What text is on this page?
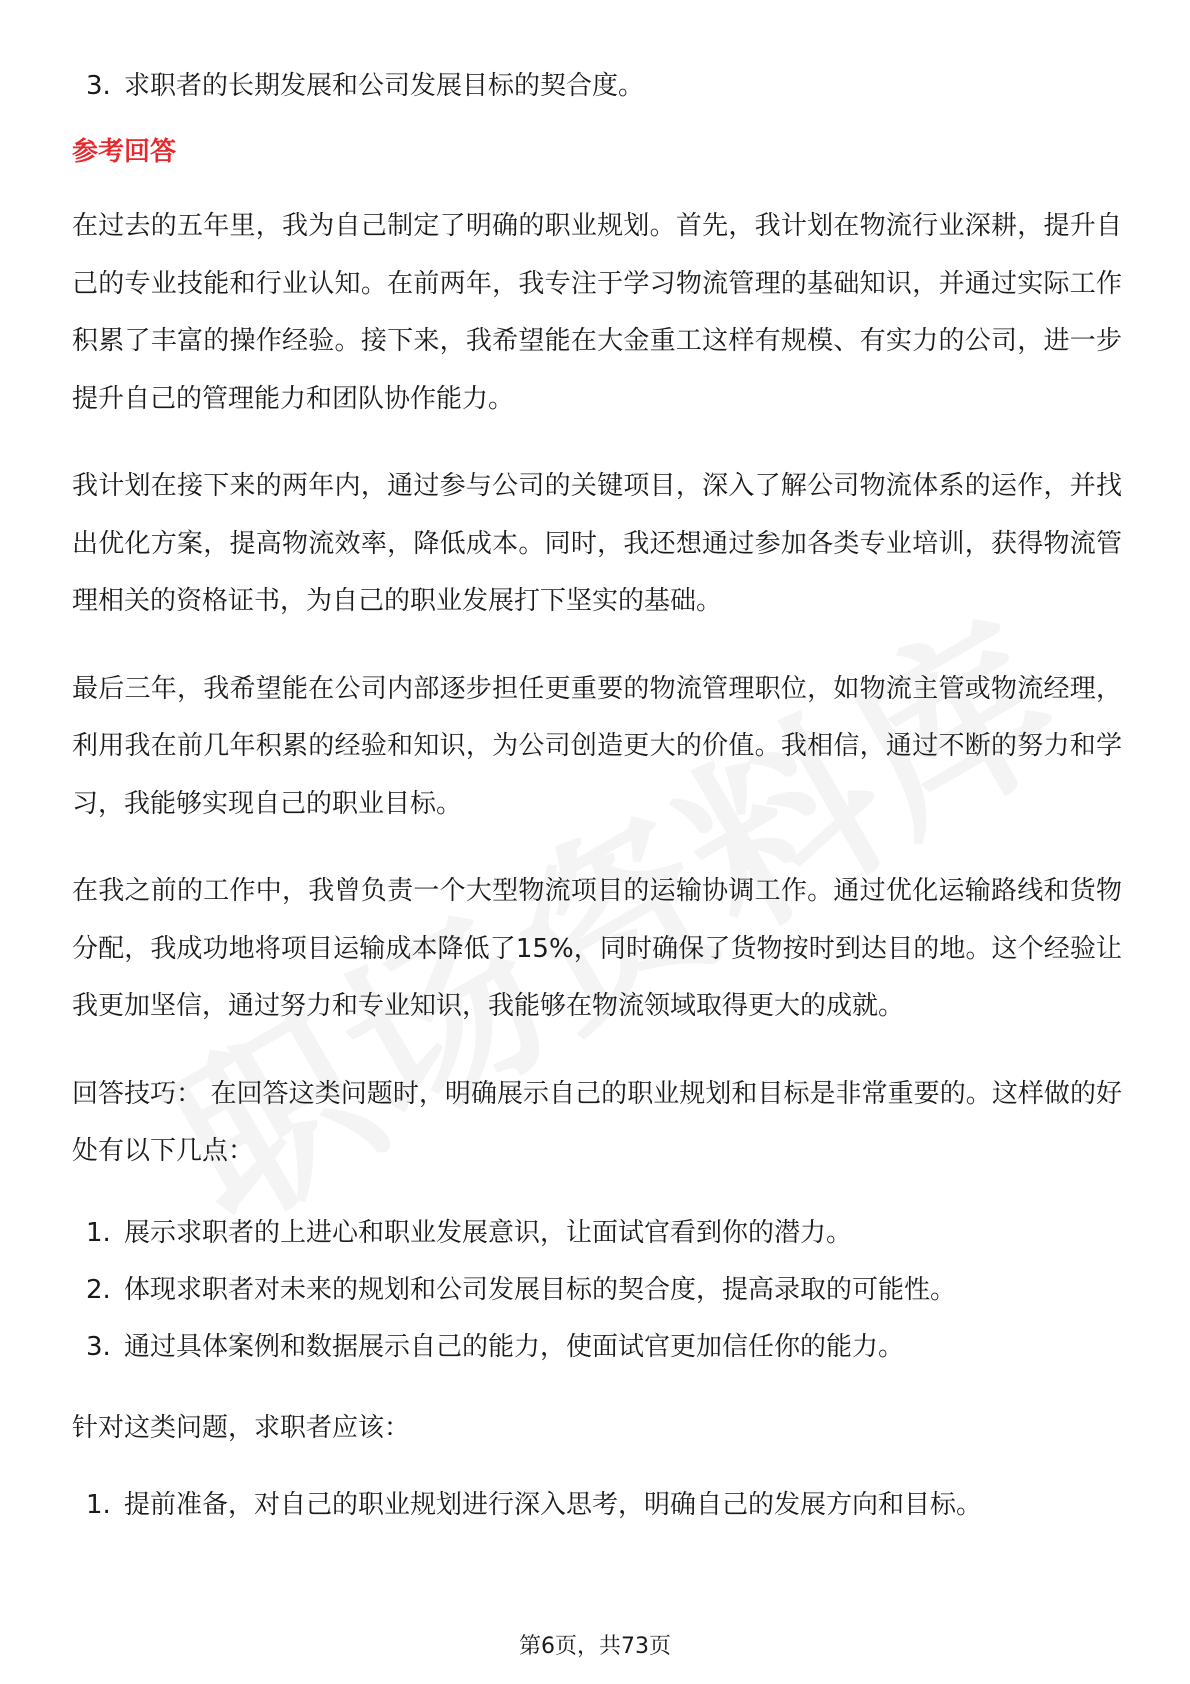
3. 求职者的长期发展和公司发展目标的契合度。
参考回答

在过去的五年里，我为自己制定了明确的职业规划。首先，我计划在物流行业深耕，提升自己的专业技能和行业认知。在前两年，我专注于学习物流管理的基础知识，并通过实际工作积累了丰富的操作经验。接下来，我希望能在大金重工这样有规模、有实力的公司，进一步提升自己的管理能力和团队协作能力。

我计划在接下来的两年内，通过参与公司的关键项目，深入了解公司物流体系的运作，并找出优化方案，提高物流效率，降低成本。同时，我还想通过参加各类专业培训，获得物流管理相关的资格证书，为自己的职业发展打下坚实的基础。

最后三年，我希望能在公司内部逐步担任更重要的物流管理职位，如物流主管或物流经理，利用我在前几年积累的经验和知识，为公司创造更大的价值。我相信，通过不断的努力和学习，我能够实现自己的职业目标。

在我之前的工作中，我曾负责一个大型物流项目的运输协调工作。通过优化运输路线和货物分配，我成功地将项目运输成本降低了15%，同时确保了货物按时到达目的地。这个经验让我更加坚信，通过努力和专业知识，我能够在物流领域取得更大的成就。

回答技巧： 在回答这类问题时，明确展示自己的职业规划和目标是非常重要的。这样做的好处有以下几点：

1. 展示求职者的上进心和职业发展意识，让面试官看到你的潜力。
2. 体现求职者对未来的规划和公司发展目标的契合度，提高录取的可能性。
3. 通过具体案例和数据展示自己的能力，使面试官更加信任你的能力。

针对这类问题，求职者应该：

1. 提前准备，对自己的职业规划进行深入思考，明确自己的发展方向和目标。
第6页，共73页
